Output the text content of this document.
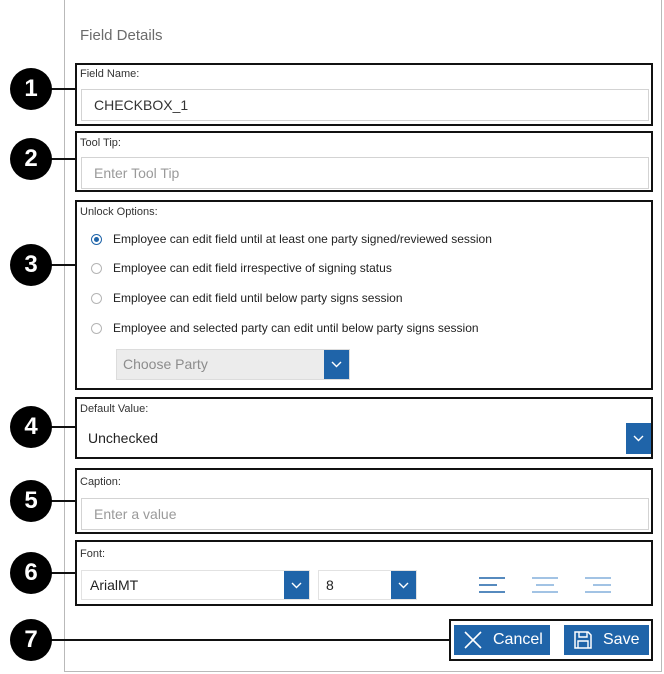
Field Details
Field Name:
CHECKBOX_1
Tool Tip:
Enter Tool Tip
Unlock Options:
Employee can edit field until at least one party signed/reviewed session
Employee can edit field irrespective of signing status
Employee can edit field until below party signs session
Employee and selected party can edit until below party signs session
Choose Party
Default Value:
Unchecked
Caption:
Enter a value
Font:
ArialMT	8
Cancel	Save
1
2
3
4
5
6
7
